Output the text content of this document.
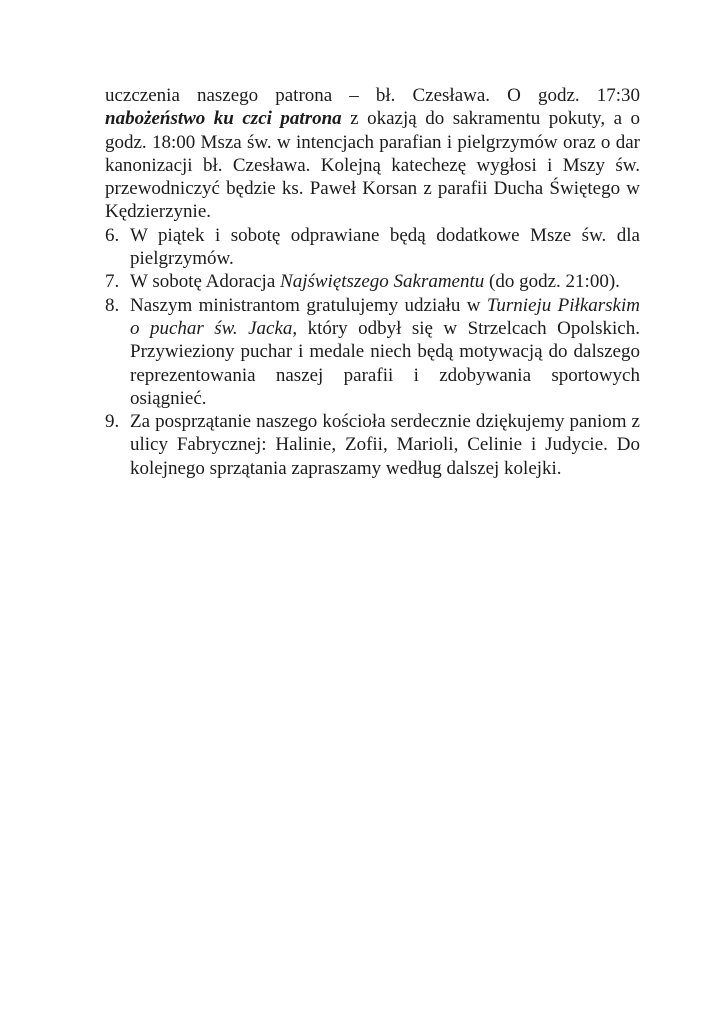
uczczenia naszego patrona – bł. Czesława. O godz. 17:30 nabożeństwo ku czci patrona z okazją do sakramentu pokuty, a o godz. 18:00 Msza św. w intencjach parafian i pielgrzymów oraz o dar kanonizacji bł. Czesława. Kolejną katechezę wygłosi i Mszy św. przewodniczyć będzie ks. Paweł Korsan z parafii Ducha Świętego w Kędzierzynie.

6. W piątek i sobotę odprawiane będą dodatkowe Msze św. dla pielgrzymów.

7. W sobotę Adoracja Najświętszego Sakramentu (do godz. 21:00).

8. Naszym ministrantom gratulujemy udziału w Turnieju Piłkarskim o puchar św. Jacka, który odbył się w Strzelcach Opolskich. Przywieziony puchar i medale niech będą motywacją do dalszego reprezentowania naszej parafii i zdobywania sportowych osiągnieć.

9. Za posprzątanie naszego kościoła serdecznie dziękujemy paniom z ulicy Fabrycznej: Halinie, Zofii, Marioli, Celinie i Judycie. Do kolejnego sprzątania zapraszamy według dalszej kolejki.
